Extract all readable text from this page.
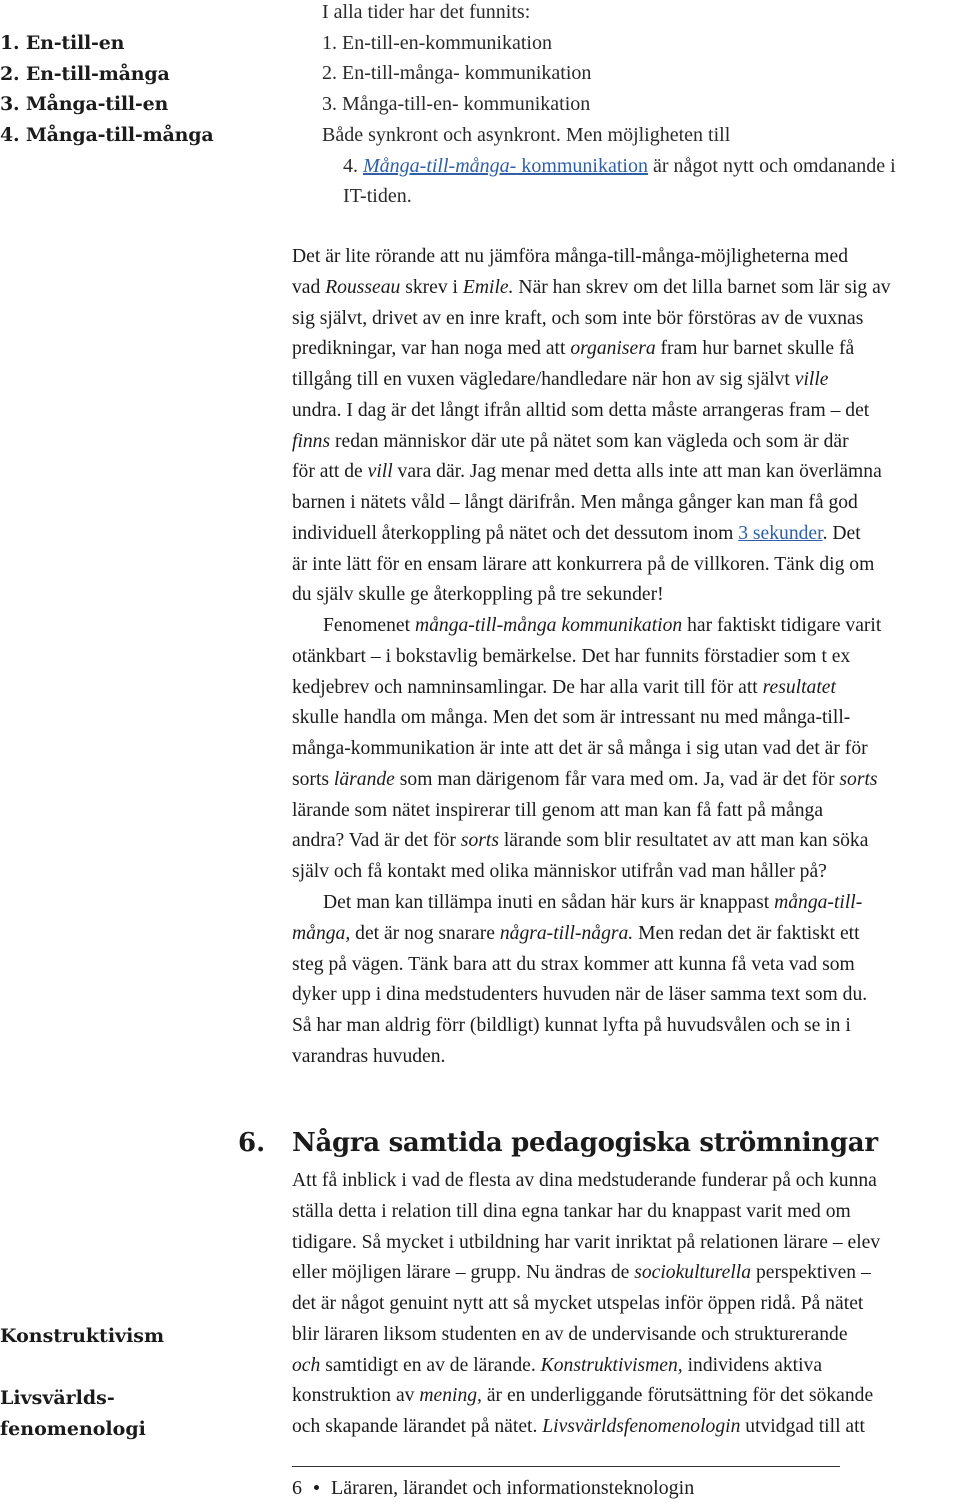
1. En-till-en
2. En-till-många
3. Många-till-en
4. Många-till-många
I alla tider har det funnits:
1. En-till-en-kommunikation
2. En-till-många- kommunikation
3. Många-till-en- kommunikation
Både synkront och asynkront. Men möjligheten till
4. Många-till-många- kommunikation är något nytt och omdanande i
IT-tiden.
Det är lite rörande att nu jämföra många-till-många-möjligheterna med
vad Rousseau skrev i Emile. När han skrev om det lilla barnet som lär sig av
sig självt, drivet av en inre kraft, och som inte bör förstöras av de vuxnas
predikningar, var han noga med att organisera fram hur barnet skulle få
tillgång till en vuxen vägledare/handledare när hon av sig självt ville
undra. I dag är det långt ifrån alltid som detta måste arrangeras fram – det
finns redan människor där ute på nätet som kan vägleda och som är där
för att de vill vara där. Jag menar med detta alls inte att man kan överlämna
barnen i nätets våld – långt därifrån. Men många gånger kan man få god
individuell återkoppling på nätet och det dessutom inom 3 sekunder. Det
är inte lätt för en ensam lärare att konkurrera på de villkoren. Tänk dig om
du själv skulle ge återkoppling på tre sekunder!
Fenomenet många-till-många kommunikation har faktiskt tidigare varit
otänkbart – i bokstavlig bemärkelse. Det har funnits förstadier som t ex
kedjebrev och namninsamlingar. De har alla varit till för att resultatet
skulle handla om många. Men det som är intressant nu med många-till-
många-kommunikation är inte att det är så många i sig utan vad det är för
sorts lärande som man därigenom får vara med om. Ja, vad är det för sorts
lärande som nätet inspirerar till genom att man kan få fatt på många
andra? Vad är det för sorts lärande som blir resultatet av att man kan söka
själv och få kontakt med olika människor utifrån vad man håller på?
Det man kan tillämpa inuti en sådan här kurs är knappast många-till-
många, det är nog snarare några-till-några. Men redan det är faktiskt ett
steg på vägen. Tänk bara att du strax kommer att kunna få veta vad som
dyker upp i dina medstudenters huvuden när de läser samma text som du.
Så har man aldrig förr (bildligt) kunnat lyfta på huvudsvålen och se in i
varandras huvuden.
6. Några samtida pedagogiska strömningar
Att få inblick i vad de flesta av dina medstuderande funderar på och kunna
ställa detta i relation till dina egna tankar har du knappast varit med om
tidigare. Så mycket i utbildning har varit inriktat på relationen lärare – elev
eller möjligen lärare – grupp. Nu ändras de sociokulturella perspektiven –
det är något genuint nytt att så mycket utspelas inför öppen ridå. På nätet
blir läraren liksom studenten en av de undervisande och strukturerande
och samtidigt en av de lärande. Konstruktivismen, individens aktiva
konstruktion av mening, är en underliggande förutsättning för det sökande
och skapande lärandet på nätet. Livsvärldsfenomenologin utvidgad till att
Konstruktivism
Livsvärlds-
fenomenologi
6 Läraren, lärandet och informationsteknologin
